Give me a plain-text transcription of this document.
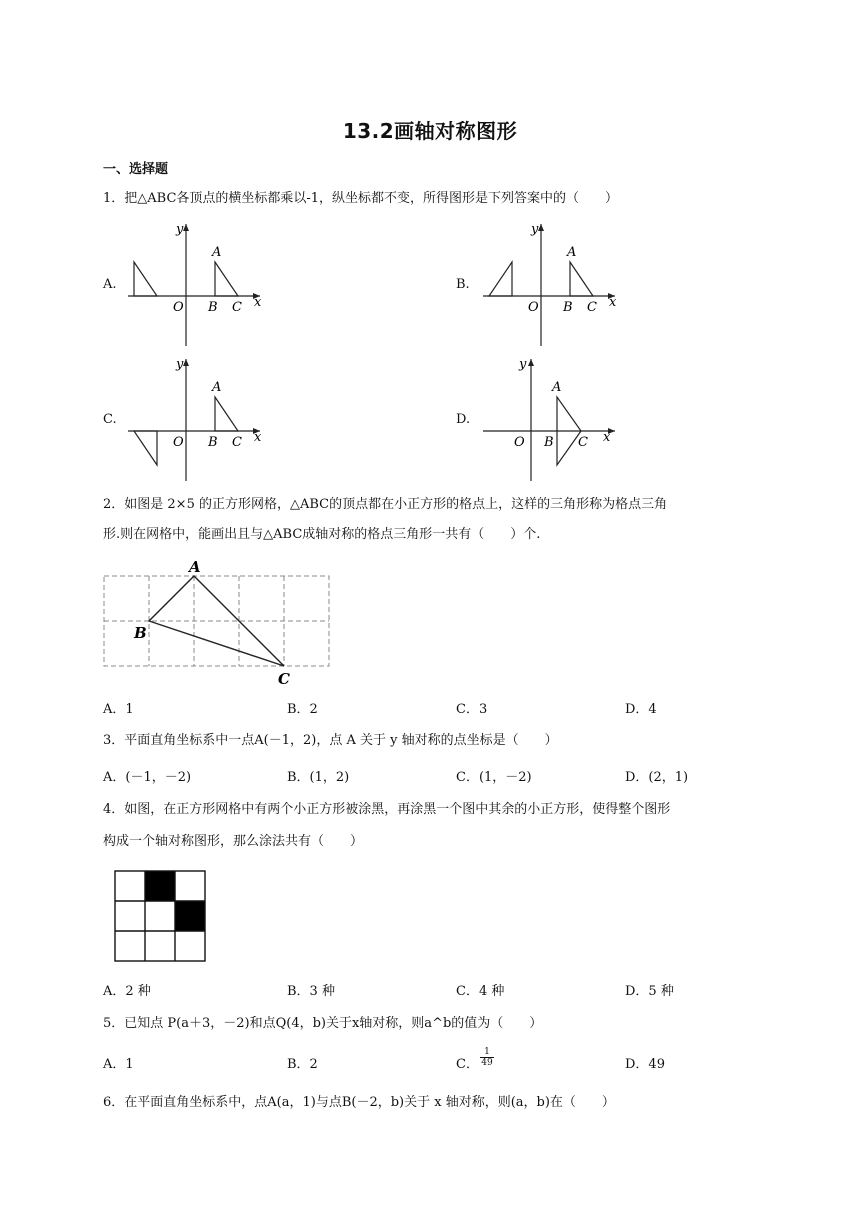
13.2画轴对称图形
一、选择题
1．把△ABC各顶点的横坐标都乘以-1，纵坐标都不变，所得图形是下列答案中的（　　）
A.	B.
C.	D.
y
x
O
A
B C
y
x
O
A
B C
y
x
O
A
B C
y
x
O
A
B C
2．如图是 2×5 的正方形网格，△ABC的顶点都在小正方形的格点上，这样的三角形称为格点三角
形.则在网格中，能画出且与△ABC成轴对称的格点三角形一共有（　　）个.
A
B
C
A．1	B．2	C．3	D．4
3．平面直角坐标系中一点A(－1，2)，点 A 关于 y 轴对称的点坐标是（　　）
A．(－1，－2)	B．(1，2)	C．(1，－2)	D．(2，1)
4．如图，在正方形网格中有两个小正方形被涂黑，再涂黑一个图中其余的小正方形，使得整个图形
构成一个轴对称图形，那么涂法共有（　　）
A．2 种	B．3 种	C．4 种	D．5 种
5．已知点 P(a＋3，－2)和点Q(4，b)关于x轴对称，则a^b的值为（　　）
A．1	B．2	C． $\frac{1}{49}$	D．49
6．在平面直角坐标系中，点A(a，1)与点B(－2，b)关于 x 轴对称，则(a，b)在（　　）
